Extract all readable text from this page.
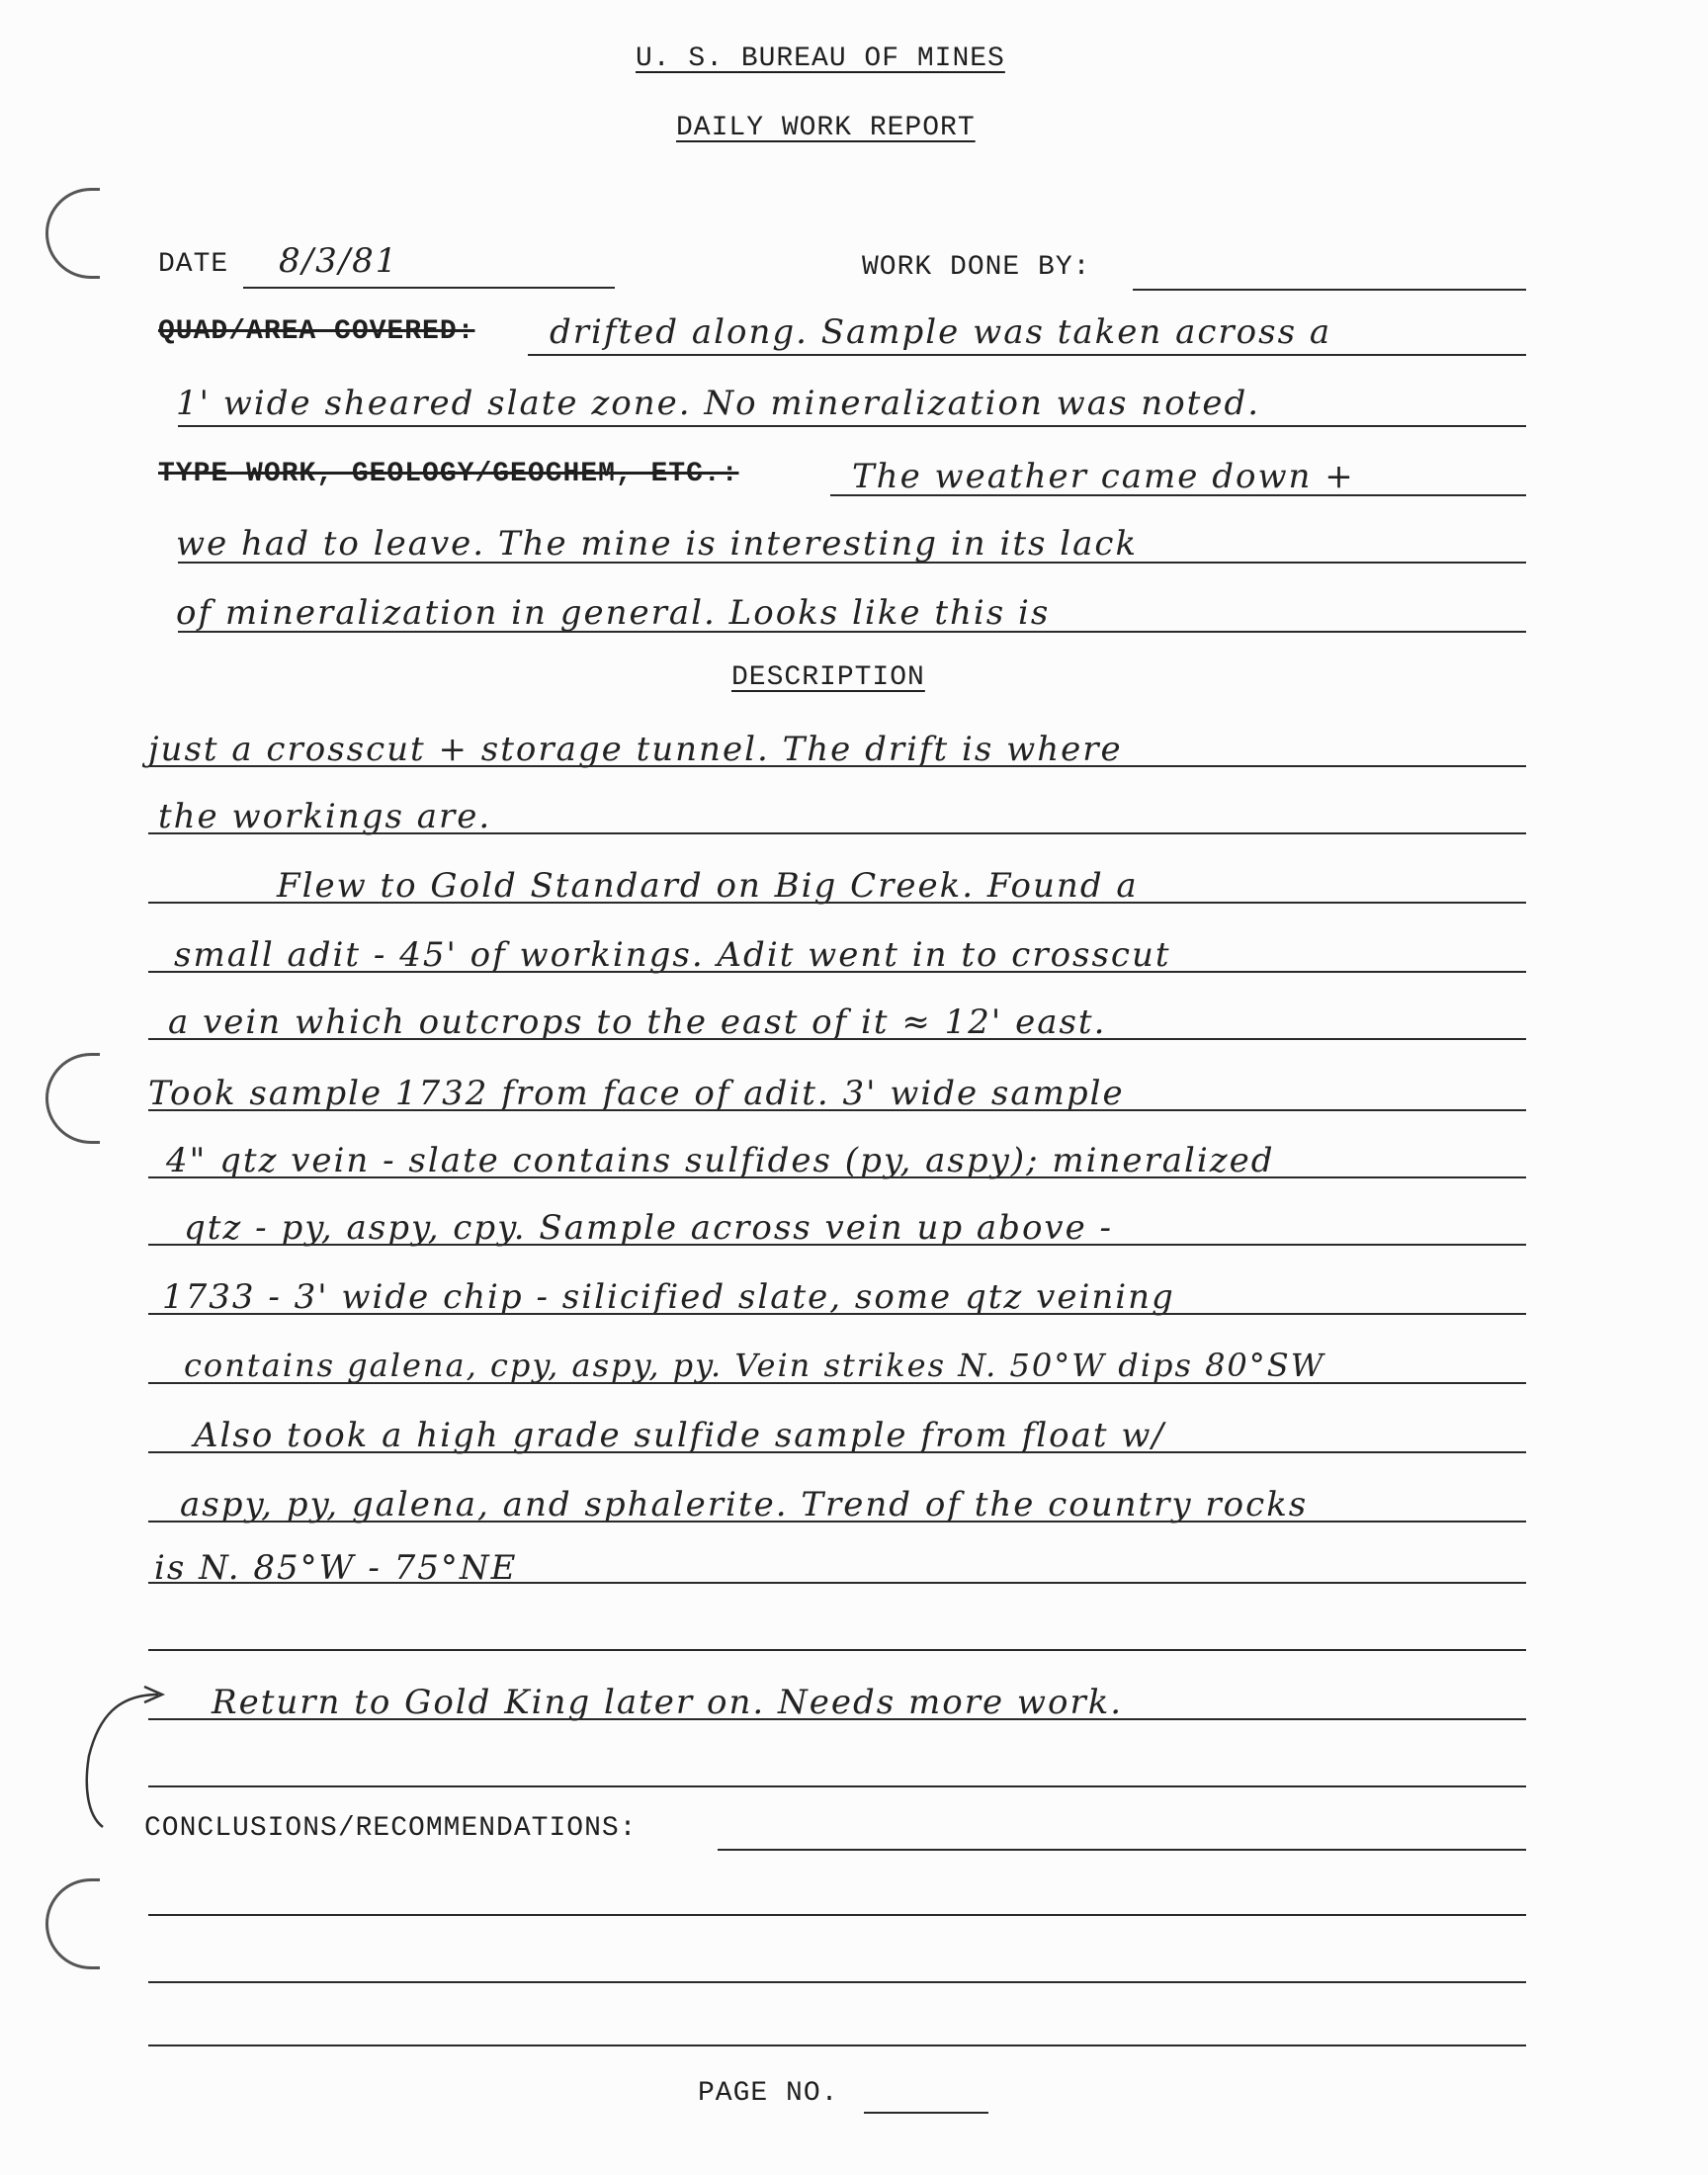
U. S. BUREAU OF MINES
DAILY WORK REPORT
DATE 8/3/81	WORK DONE BY:
QUAD/AREA COVERED: drifted along. Sample was taken across a
1' wide sheared slate zone. No mineralization was noted.
TYPE WORK, GEOLOGY/GEOCHEM, ETC.:	The weather came down +
we had to leave. The mine is interesting in its lack
of mineralization in general. Looks like this is
DESCRIPTION
just a crosscut + storage tunnel. The drift is where
the workings are.
Flew to Gold Standard on Big Creek. Found a
small adit - 45' of workings. Adit went in to crosscut
a vein which outcrops to the east of it ≈ 12' east.
Took sample 1732 from face of adit. 3' wide sample
4" qtz vein - slate contains sulfides (py, aspy); mineralized
qtz - py, aspy, cpy. Sample across vein up above -
1733 - 3' wide chip - silicified slate, some qtz veining
contains galena, cpy, aspy, py. Vein strikes N. 50°W dips 80°SW
Also took a high grade sulfide sample from float w/
aspy, py, galena, and sphalerite. Trend of the country rocks
is N. 85°W - 75°NE
Return to Gold King later on. Needs more work.
CONCLUSIONS/RECOMMENDATIONS:
PAGE NO.
